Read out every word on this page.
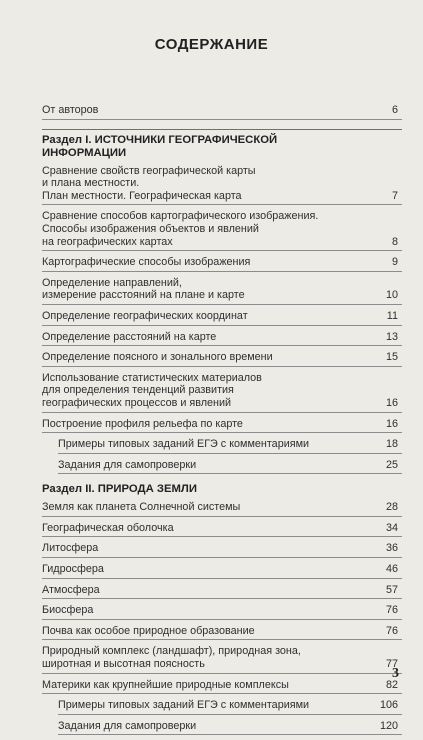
СОДЕРЖАНИЕ
От авторов	6
Раздел I. ИСТОЧНИКИ ГЕОГРАФИЧЕСКОЙ
ИНФОРМАЦИИ
Сравнение свойств географической карты
и плана местности.
План местности. Географическая карта	7
Сравнение способов картографического изображения.
Способы изображения объектов и явлений
на географических картах	8
Картографические способы изображения	9
Определение направлений,
измерение расстояний на плане и карте	10
Определение географических координат	11
Определение расстояний на карте	13
Определение поясного и зонального времени	15
Использование статистических материалов
для определения тенденций развития
географических процессов и явлений	16
Построение профиля рельефа по карте	16
Примеры типовых заданий ЕГЭ с комментариями	18
Задания для самопроверки	25
Раздел II. ПРИРОДА ЗЕМЛИ
Земля как планета Солнечной системы	28
Географическая оболочка	34
Литосфера	36
Гидросфера	46
Атмосфера	57
Биосфера	76
Почва как особое природное образование	76
Природный комплекс (ландшафт), природная зона,
широтная и высотная поясность	77
Материки как крупнейшие природные комплексы	82
Примеры типовых заданий ЕГЭ с комментариями	106
Задания для самопроверки	120
3
